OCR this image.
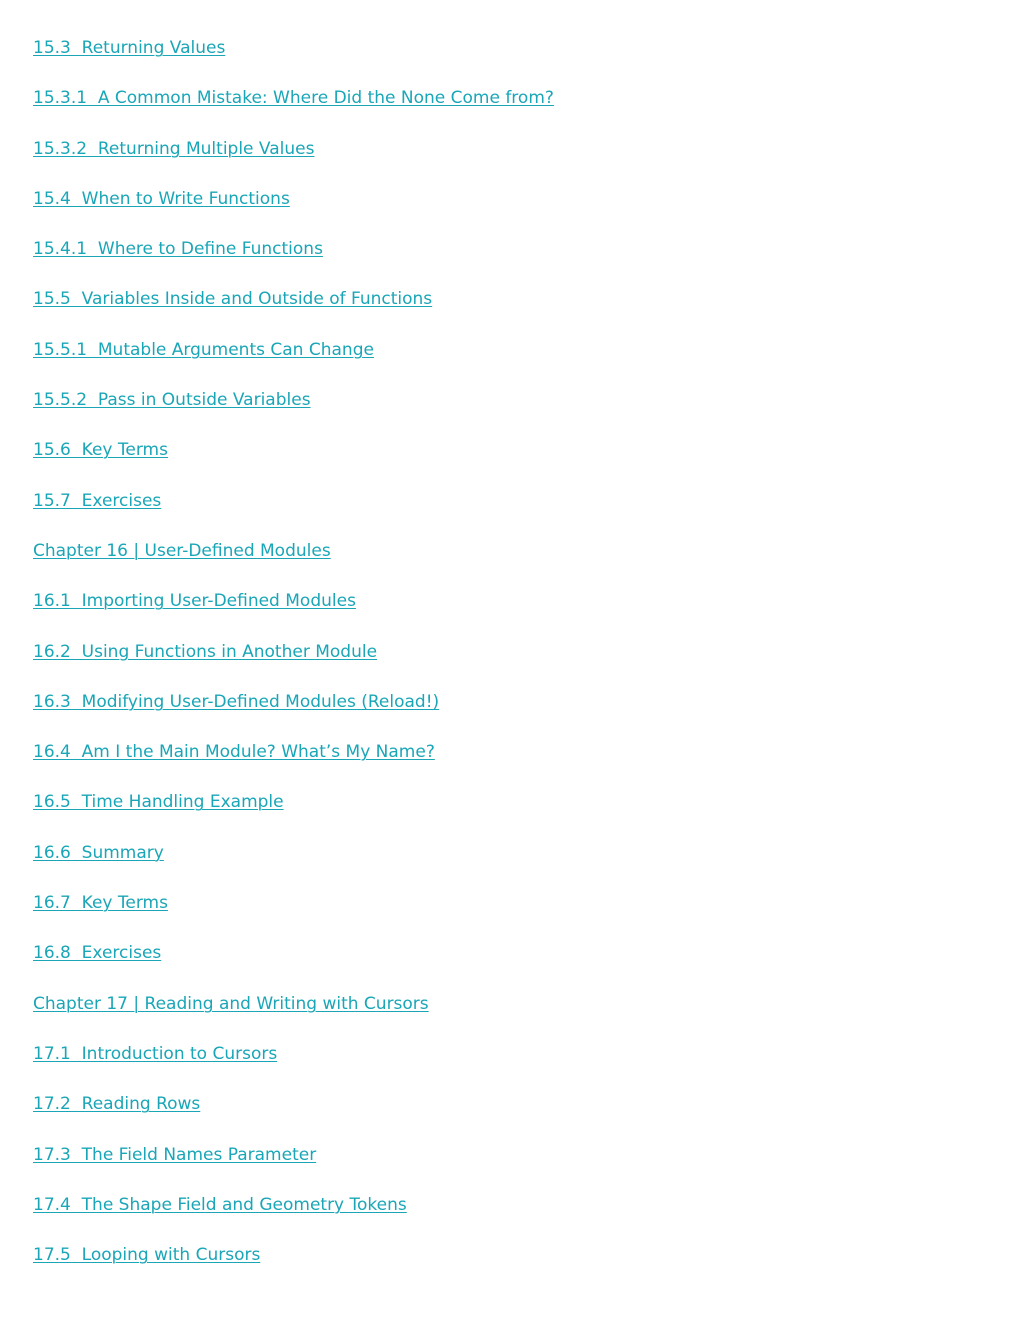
15.3  Returning Values
15.3.1  A Common Mistake: Where Did the None Come from?
15.3.2  Returning Multiple Values
15.4  When to Write Functions
15.4.1  Where to Define Functions
15.5  Variables Inside and Outside of Functions
15.5.1  Mutable Arguments Can Change
15.5.2  Pass in Outside Variables
15.6  Key Terms
15.7  Exercises
Chapter 16 | User-Defined Modules
16.1  Importing User-Defined Modules
16.2  Using Functions in Another Module
16.3  Modifying User-Defined Modules (Reload!)
16.4  Am I the Main Module? What’s My Name?
16.5  Time Handling Example
16.6  Summary
16.7  Key Terms
16.8  Exercises
Chapter 17 | Reading and Writing with Cursors
17.1  Introduction to Cursors
17.2  Reading Rows
17.3  The Field Names Parameter
17.4  The Shape Field and Geometry Tokens
17.5  Looping with Cursors
